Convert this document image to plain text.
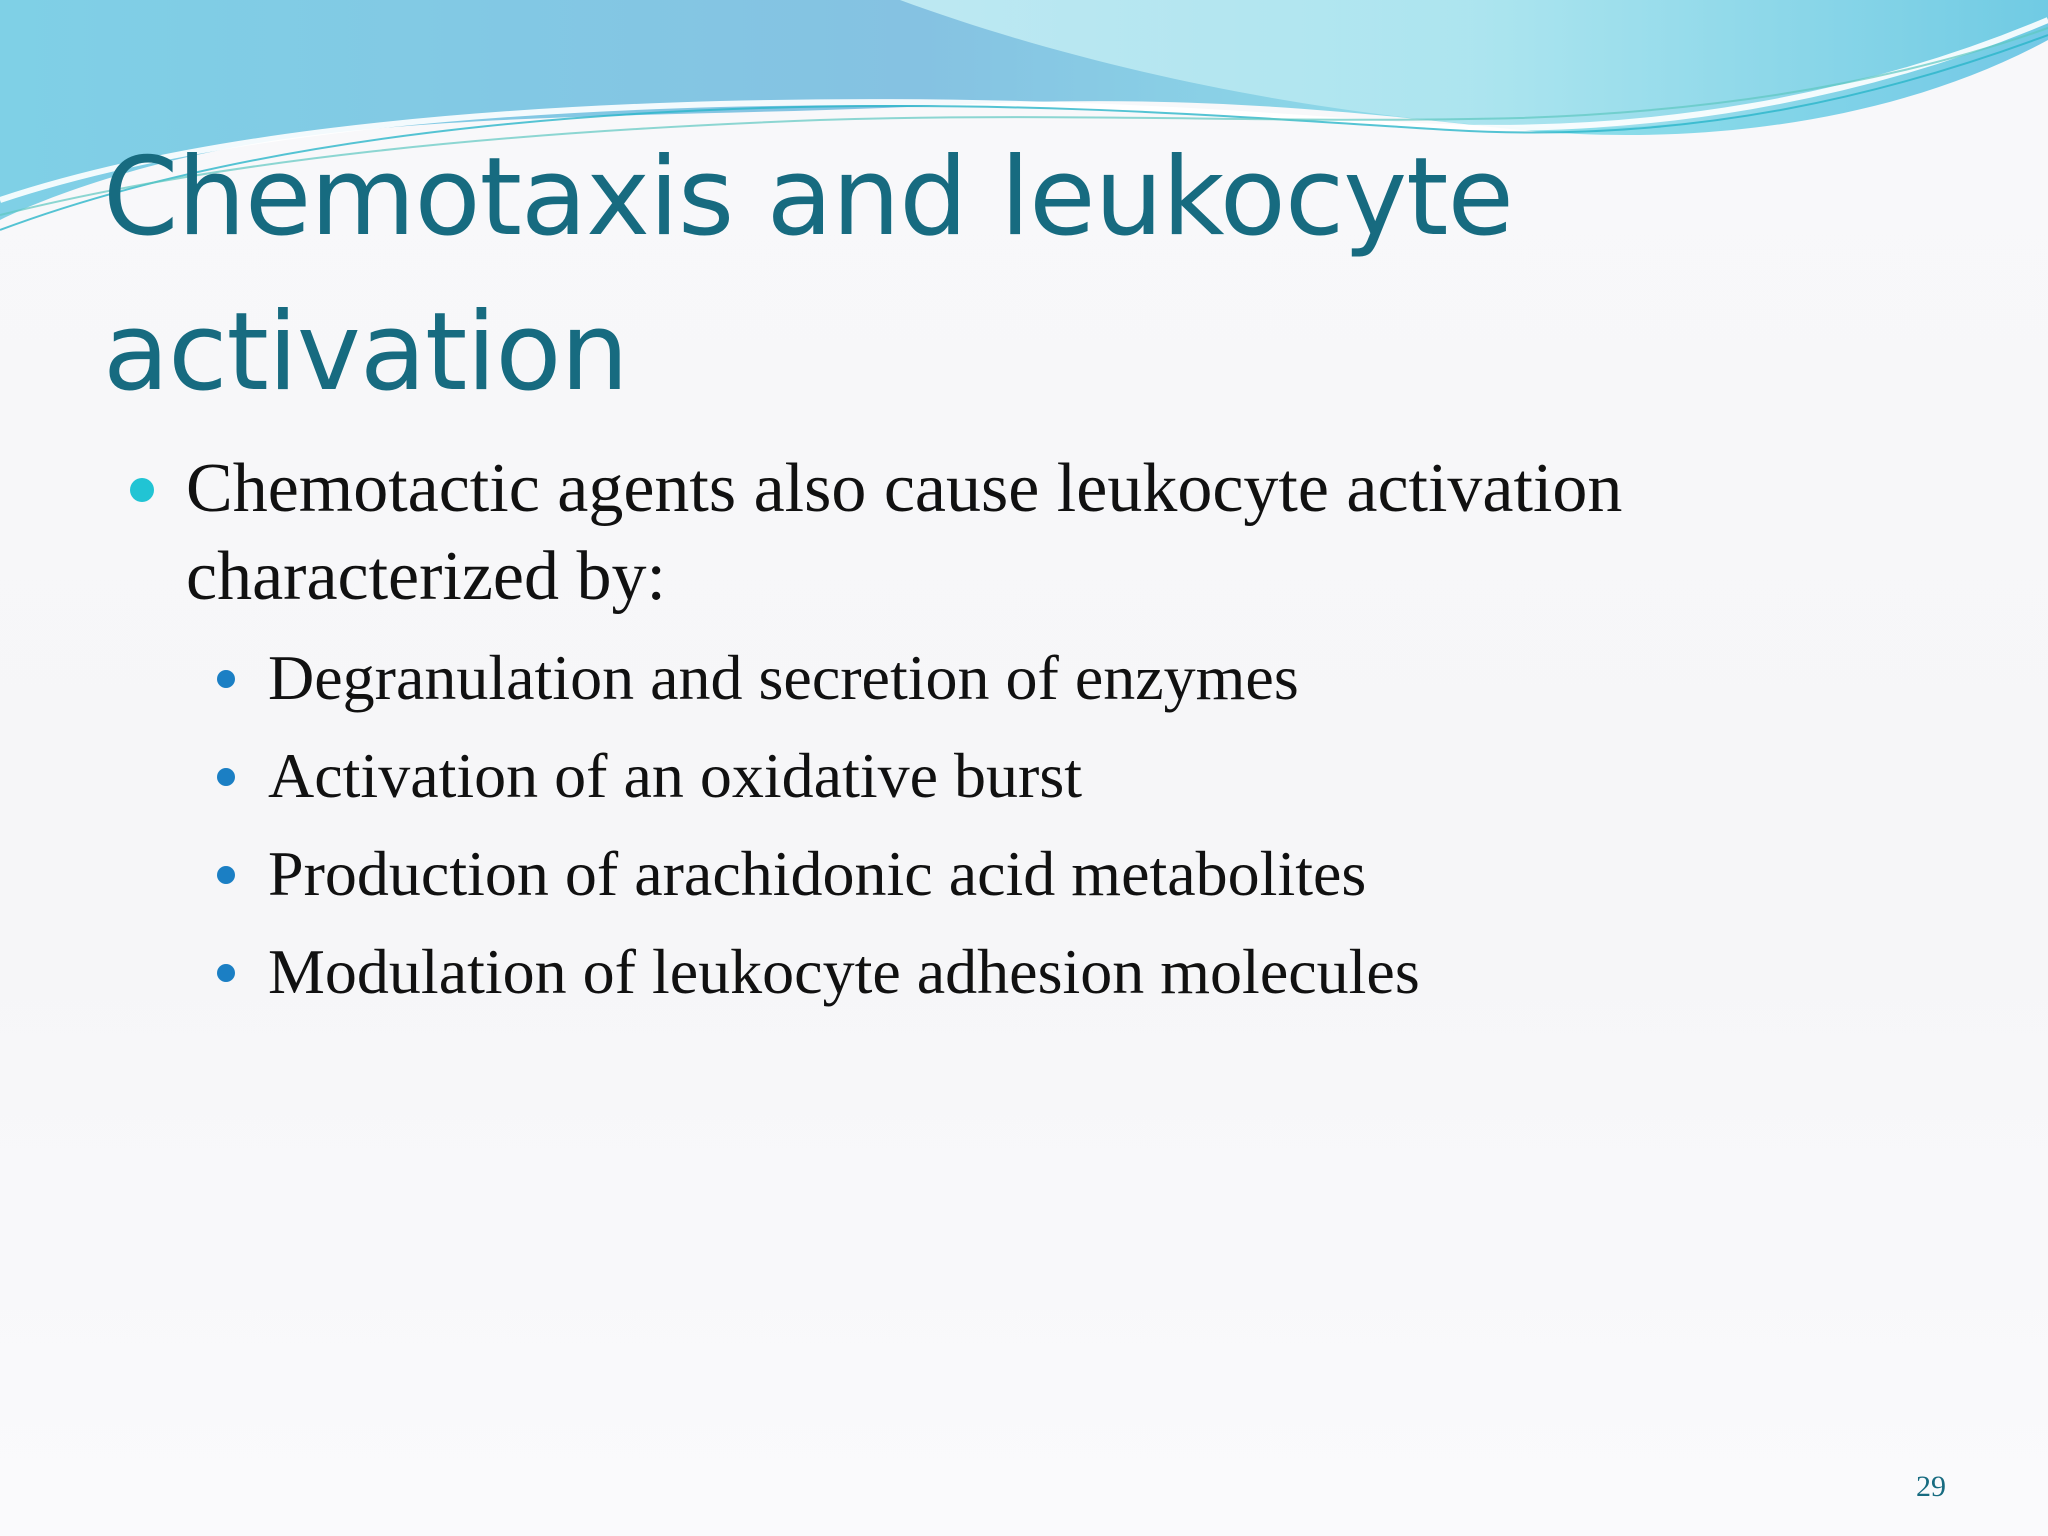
Chemotaxis and leukocyte activation
Chemotactic agents also cause leukocyte activation characterized by:
Degranulation and secretion of enzymes
Activation of an oxidative burst
Production of arachidonic acid metabolites
Modulation of leukocyte adhesion molecules
29
